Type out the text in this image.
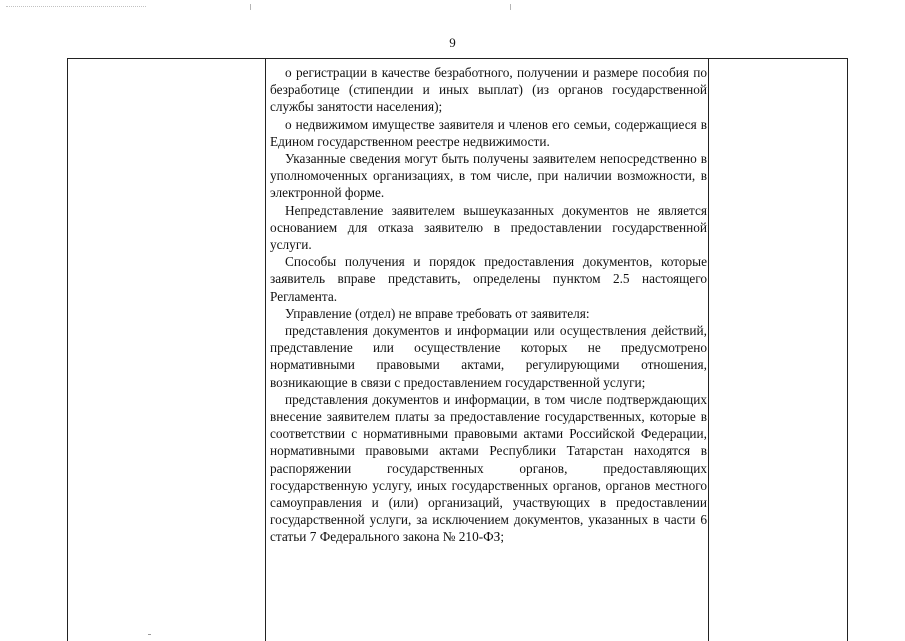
9

о регистрации в качестве безработного, получении и размере пособия по безработице (стипендии и иных выплат) (из органов государственной службы занятости населения);

о недвижимом имуществе заявителя и членов его семьи, содержащиеся в Едином государственном реестре недвижимости.

Указанные сведения могут быть получены заявителем непосредственно в уполномоченных организациях, в том числе, при наличии возможности, в электронной форме.

Непредставление заявителем вышеуказанных документов не является основанием для отказа заявителю в предоставлении государственной услуги.

Способы получения и порядок предоставления документов, которые заявитель вправе представить, определены пунктом 2.5 настоящего Регламента.

Управление (отдел) не вправе требовать от заявителя:

представления документов и информации или осуществления действий, представление или осуществление которых не предусмотрено нормативными правовыми актами, регулирующими отношения, возникающие в связи с предоставлением государственной услуги;

представления документов и информации, в том числе подтверждающих внесение заявителем платы за предоставление государственных, которые в соответствии с нормативными правовыми актами Российской Федерации, нормативными правовыми актами Республики Татарстан находятся в распоряжении государственных органов, предоставляющих государственную услугу, иных государственных органов, органов местного самоуправления и (или) организаций, участвующих в предоставлении государственной услуги, за исключением документов, указанных в части 6 статьи 7 Федерального закона № 210-ФЗ;
